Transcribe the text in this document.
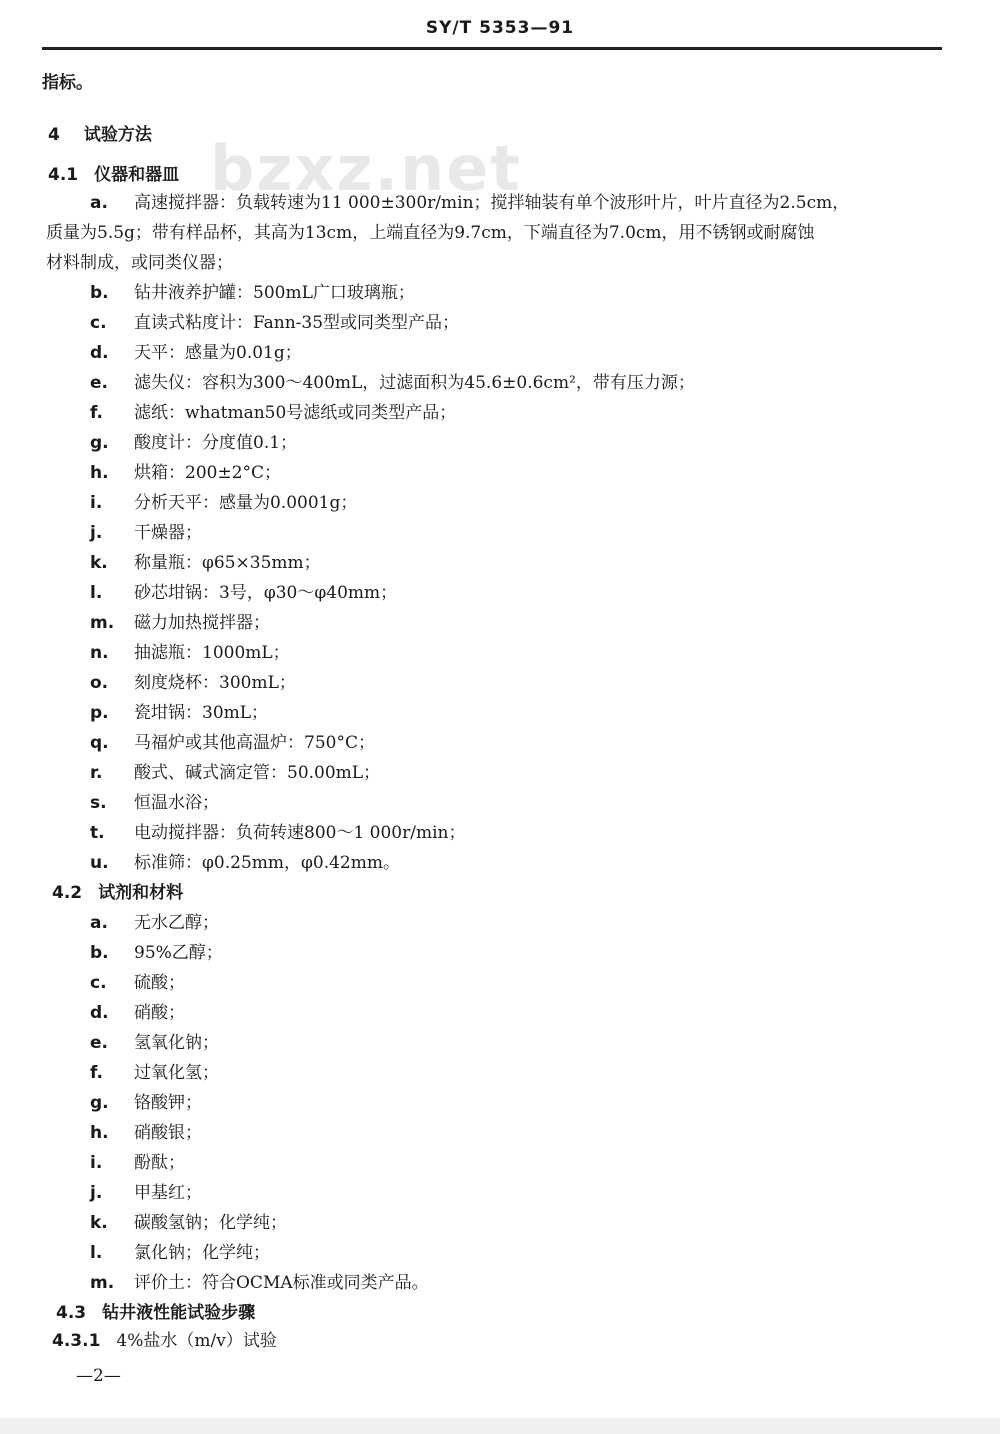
bzxz.net
SY/T 5353—91
指标。
4 试验方法
4.1 仪器和器皿
a. 高速搅拌器：负载转速为11 000±300r/min；搅拌轴装有单个波形叶片，叶片直径为2.5cm，
质量为5.5g；带有样品杯，其高为13cm，上端直径为9.7cm，下端直径为7.0cm，用不锈钢或耐腐蚀
材料制成，或同类仪器；
b. 钻井液养护罐：500mL广口玻璃瓶；
c. 直读式粘度计：Fann-35型或同类型产品；
d. 天平：感量为0.01g；
e. 滤失仪：容积为300～400mL，过滤面积为45.6±0.6cm²，带有压力源；
f. 滤纸：whatman50号滤纸或同类型产品；
g. 酸度计：分度值0.1；
h. 烘箱：200±2°C；
i. 分析天平：感量为0.0001g；
j. 干燥器；
k. 称量瓶：φ65×35mm；
l. 砂芯坩锅：3号，φ30～φ40mm；
m. 磁力加热搅拌器；
n. 抽滤瓶：1000mL；
o. 刻度烧杯：300mL；
p. 瓷坩锅：30mL；
q. 马福炉或其他高温炉：750°C；
r. 酸式、碱式滴定管：50.00mL；
s. 恒温水浴；
t. 电动搅拌器：负荷转速800～1 000r/min；
u. 标准筛：φ0.25mm，φ0.42mm。
4.2 试剂和材料
a. 无水乙醇；
b. 95%乙醇；
c. 硫酸；
d. 硝酸；
e. 氢氧化钠；
f. 过氧化氢；
g. 铬酸钾；
h. 硝酸银；
i. 酚酞；
j. 甲基红；
k. 碳酸氢钠；化学纯；
l. 氯化钠；化学纯；
m. 评价土：符合OCMA标准或同类产品。
4.3 钻井液性能试验步骤
4.3.1 4%盐水（m/v）试验
—2—
